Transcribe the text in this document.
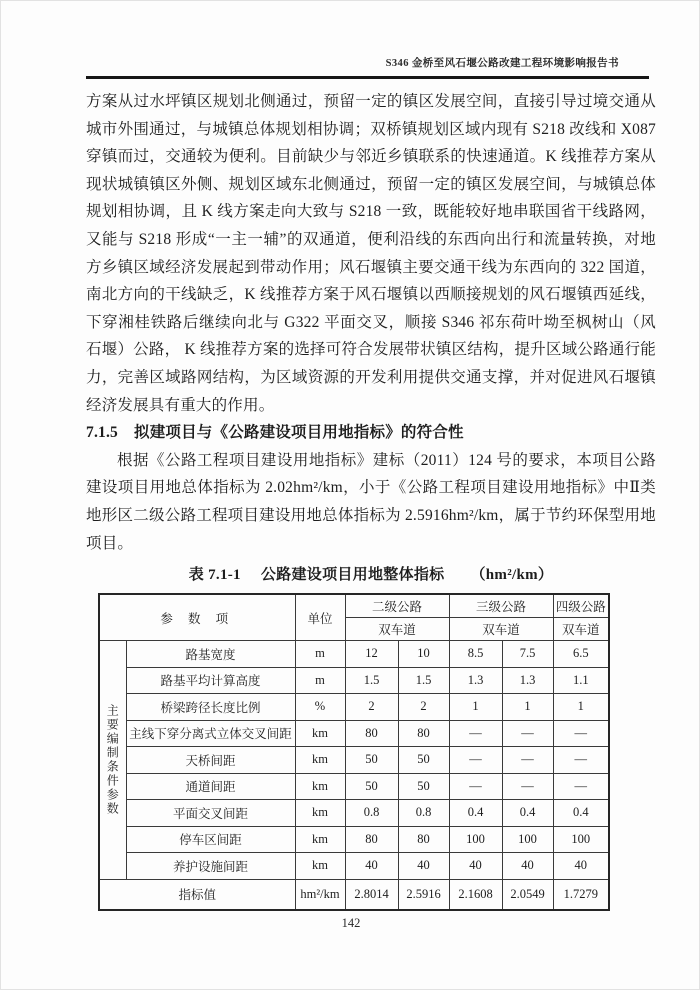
S346 金桥至风石堰公路改建工程环境影响报告书

方案从过水坪镇区规划北侧通过，预留一定的镇区发展空间，直接引导过境交通从城市外围通过，与城镇总体规划相协调；双桥镇规划区域内现有 S218 改线和 X087 穿镇而过，交通较为便利。目前缺少与邻近乡镇联系的快速通道。K 线推荐方案从现状城镇镇区外侧、规划区域东北侧通过，预留一定的镇区发展空间，与城镇总体规划相协调，且 K 线方案走向大致与 S218 一致，既能较好地串联国省干线路网，又能与 S218 形成“一主一辅”的双通道，便利沿线的东西向出行和流量转换，对地方乡镇区域经济发展起到带动作用；风石堰镇主要交通干线为东西向的 322 国道，南北方向的干线缺乏，K 线推荐方案于风石堰镇以西顺接规划的风石堰镇西延线，下穿湘桂铁路后继续向北与 G322 平面交叉，顺接 S346 祁东荷叶坳至枫树山（风石堰）公路， K 线推荐方案的选择可符合发展带状镇区结构，提升区域公路通行能力，完善区域路网结构，为区域资源的开发利用提供交通支撑，并对促进风石堰镇经济发展具有重大的作用。

7.1.5 拟建项目与《公路建设项目用地指标》的符合性

根据《公路工程项目建设用地指标》建标（2011）124 号的要求，本项目公路建设项目用地总体指标为 2.02hm²/km，小于《公路工程项目建设用地指标》中Ⅱ类地形区二级公路工程项目建设用地总体指标为 2.5916hm²/km，属于节约环保型用地项目。

表 7.1-1 公路建设项目用地整体指标 （hm²/km）
参 数 项		单位	二级公路		三级公路		四级公路
			双车道		双车道		双车道
主要编制条件参数	路基宽度	m	12	10	8.5	7.5	6.5
	路基平均计算高度	m	1.5	1.5	1.3	1.3	1.1
	桥梁跨径长度比例	%	2	2	1	1	1
	主线下穿分离式立体交叉间距	km	80	80	—	—	—
	天桥间距	km	50	50	—	—	—
	通道间距	km	50	50	—	—	—
	平面交叉间距	km	0.8	0.8	0.4	0.4	0.4
	停车区间距	km	80	80	100	100	100
	养护设施间距	km	40	40	40	40	40
指标值		hm²/km	2.8014	2.5916	2.1608	2.0549	1.7279
142
